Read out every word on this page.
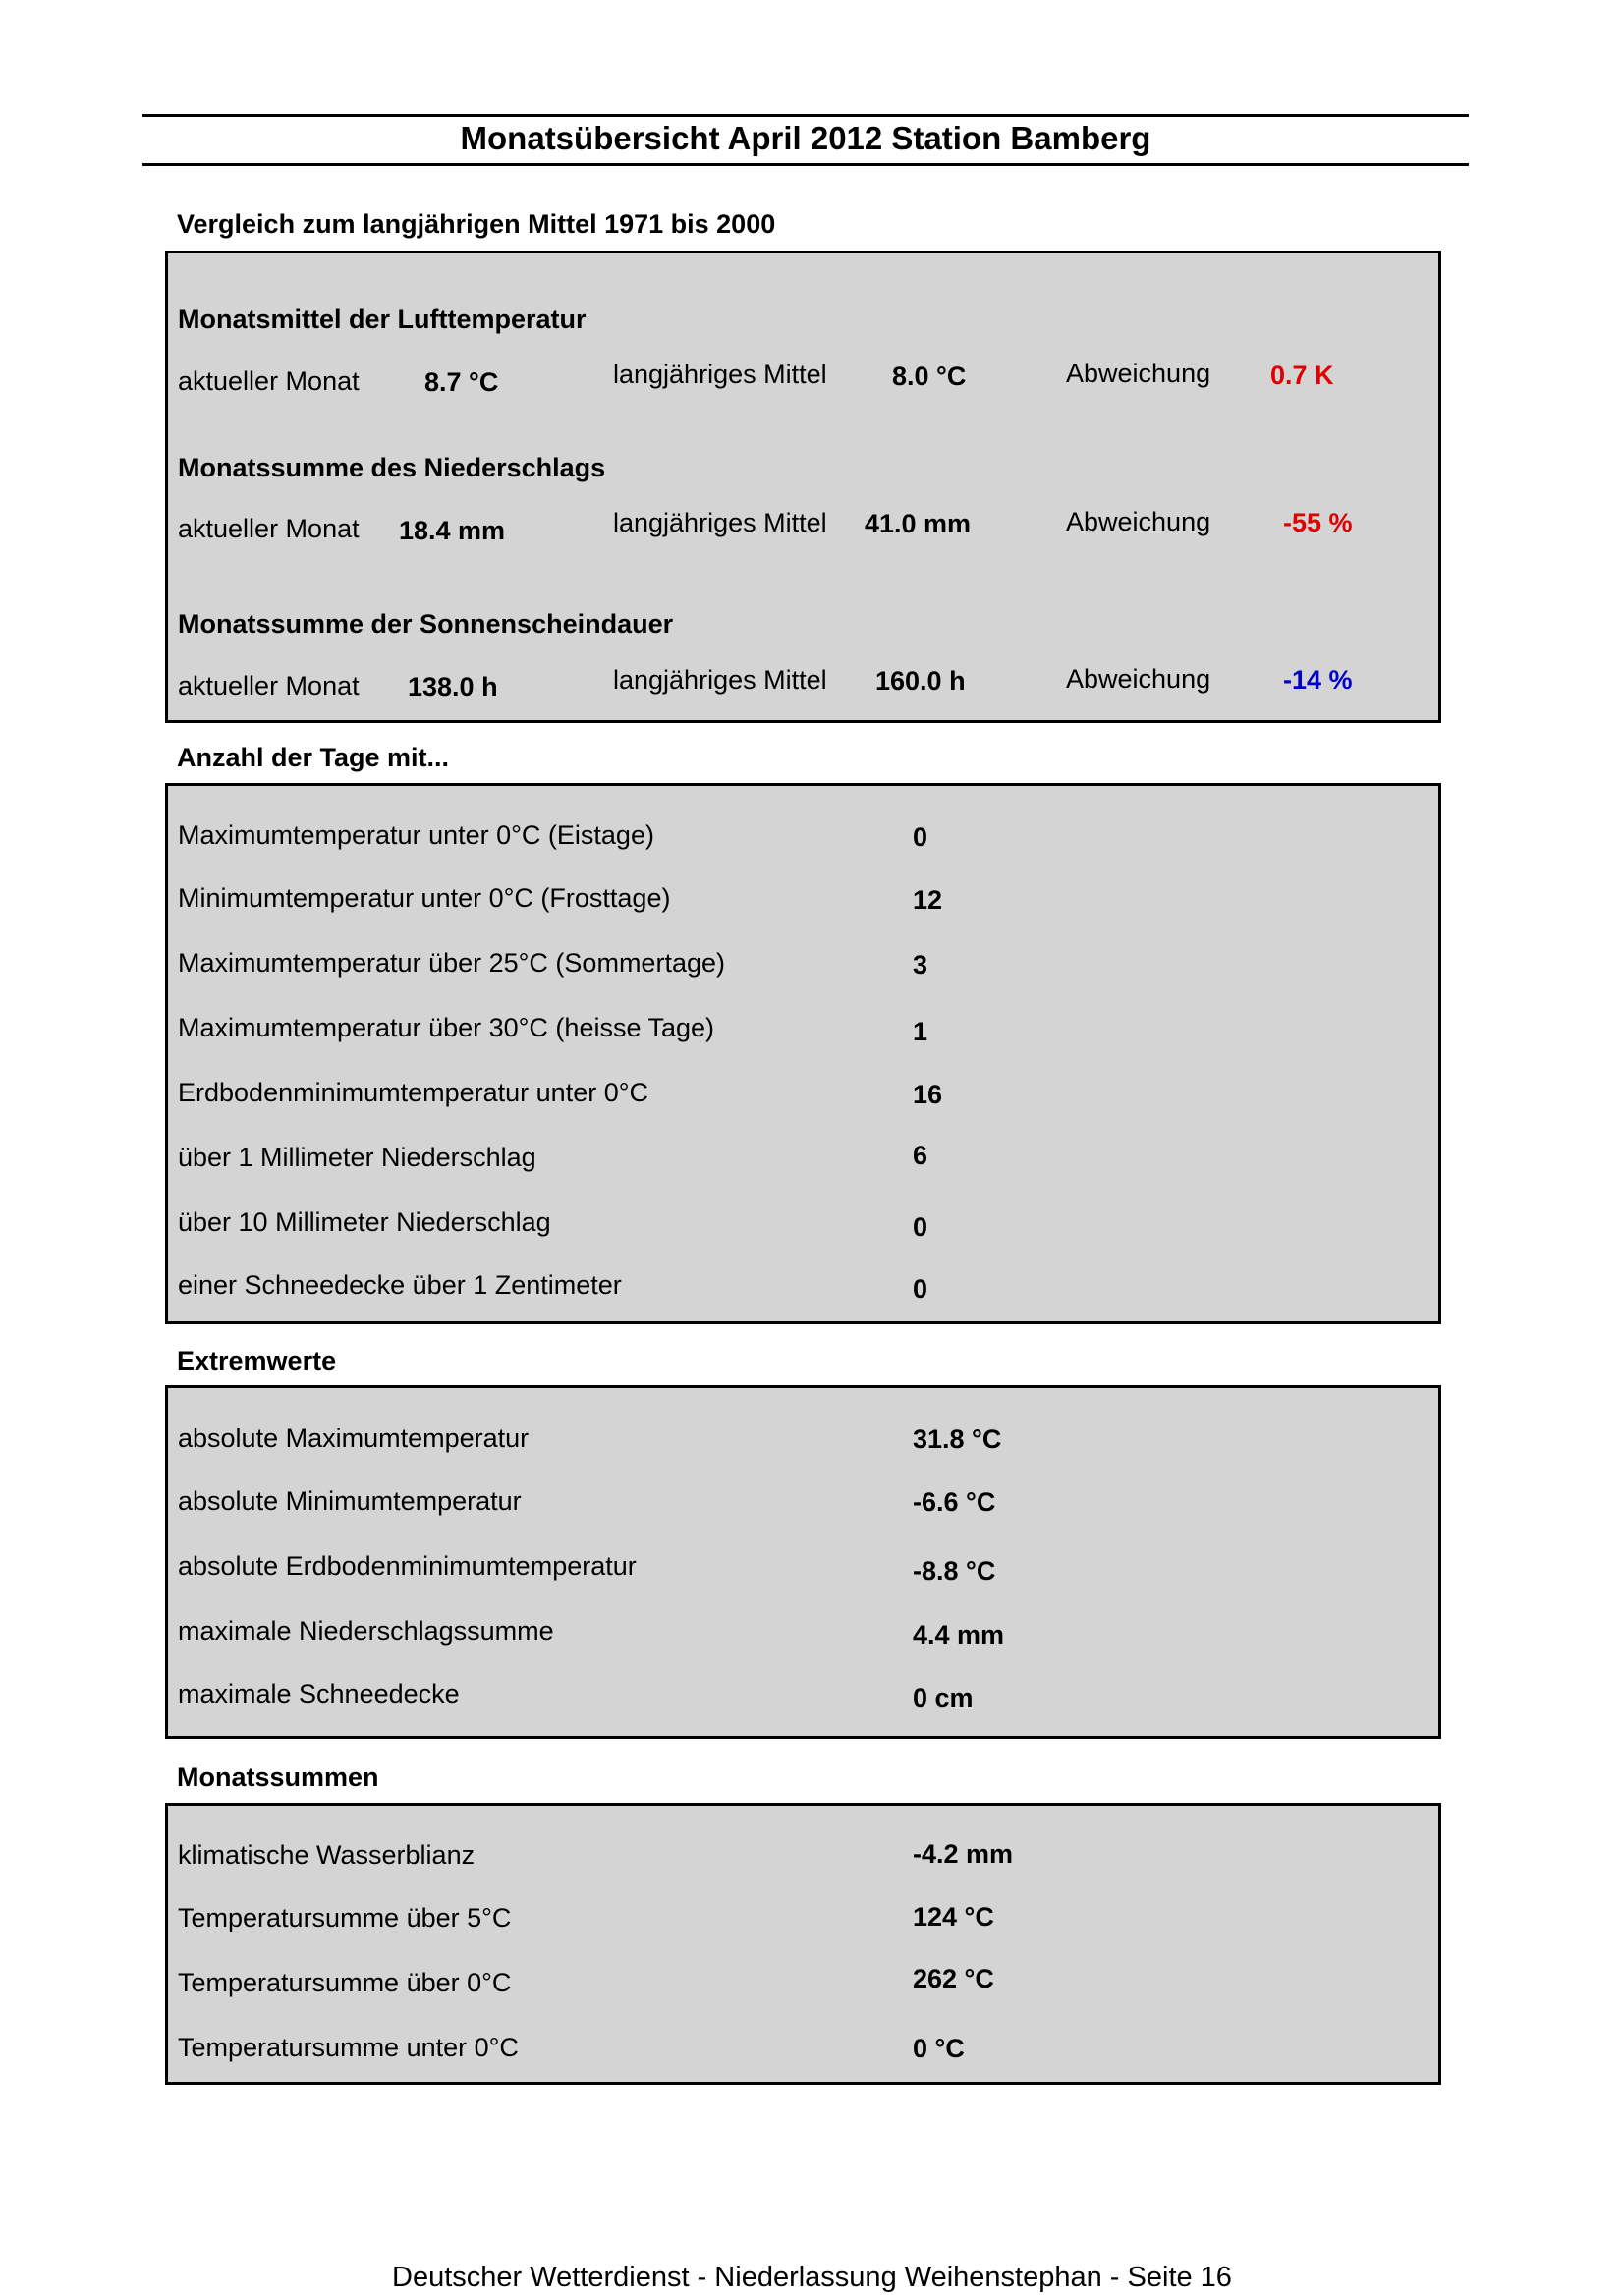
Monatsübersicht April 2012 Station Bamberg
Vergleich zum langjährigen Mittel 1971 bis 2000
Monatsmittel der Lufttemperatur
aktueller Monat 8.7 °C	langjähriges Mittel 8.0 °C	Abweichung 0.7 K
Monatssumme des Niederschlags
aktueller Monat 18.4 mm	langjähriges Mittel 41.0 mm	Abweichung	-55 %
Monatssumme der Sonnenscheindauer
aktueller Monat 138.0 h	langjähriges Mittel 160.0 h	Abweichung	-14 %
Anzahl der Tage mit...
Maximumtemperatur unter 0°C (Eistage)	0
Minimumtemperatur unter 0°C (Frosttage)	12
Maximumtemperatur über 25°C (Sommertage)	3
Maximumtemperatur über 30°C (heisse Tage)	1
Erdbodenminimumtemperatur unter 0°C	16
über 1 Millimeter Niederschlag	6
über 10 Millimeter Niederschlag	0
einer Schneedecke über 1 Zentimeter	0
Extremwerte
absolute Maximumtemperatur	31.8 °C
absolute Minimumtemperatur	-6.6 °C
absolute Erdbodenminimumtemperatur	-8.8 °C
maximale Niederschlagssumme	4.4 mm
maximale Schneedecke	0 cm
Monatssummen
klimatische Wasserblianz	-4.2 mm
Temperatursumme über 5°C	124 °C
Temperatursumme über 0°C	262 °C
Temperatursumme unter 0°C	0 °C
Deutscher Wetterdienst - Niederlassung Weihenstephan - Seite 16
